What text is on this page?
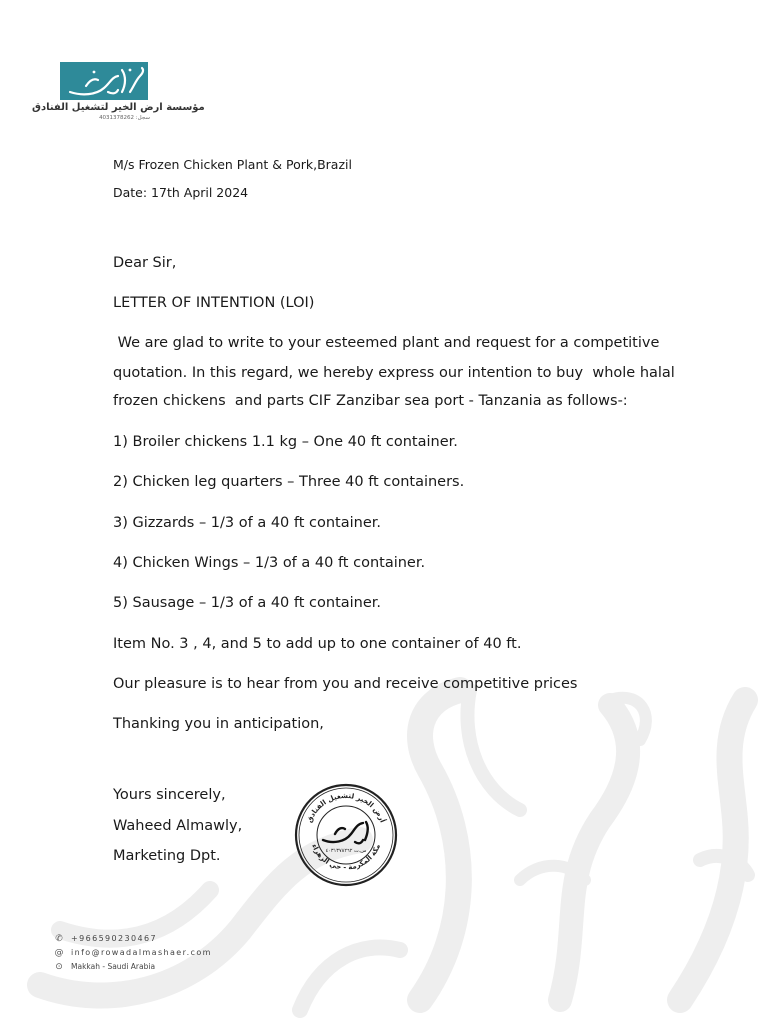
مؤسسة ارض الخير لتشغيل الفنادق
سجل: 4031378262
M/s Frozen Chicken Plant & Pork,Brazil
Date: 17th April 2024
Dear Sir,
LETTER OF INTENTION (LOI)
We are glad to write to your esteemed plant and request for a competitive
quotation. In this regard, we hereby express our intention to buy  whole halal
frozen chickens  and parts CIF Zanzibar sea port - Tanzania as follows-:
1) Broiler chickens 1.1 kg – One 40 ft container.
2) Chicken leg quarters – Three 40 ft containers.
3) Gizzards – 1/3 of a 40 ft container.
4) Chicken Wings – 1/3 of a 40 ft container.
5) Sausage – 1/3 of a 40 ft container.
Item No. 3 , 4, and 5 to add up to one container of 40 ft.
Our pleasure is to hear from you and receive competitive prices
Thanking you in anticipation,
Yours sincerely,
Waheed Almawly,
Marketing Dpt.
أرض الخير لتشغيل الفنادق
مكة المكرمة - حي الزهراء
س.ت ٤٠٣١٣٧٨٢٦٢
✆ +966590230467
@ info@rowadalmashaer.com
⊙ Makkah - Saudi Arabia
